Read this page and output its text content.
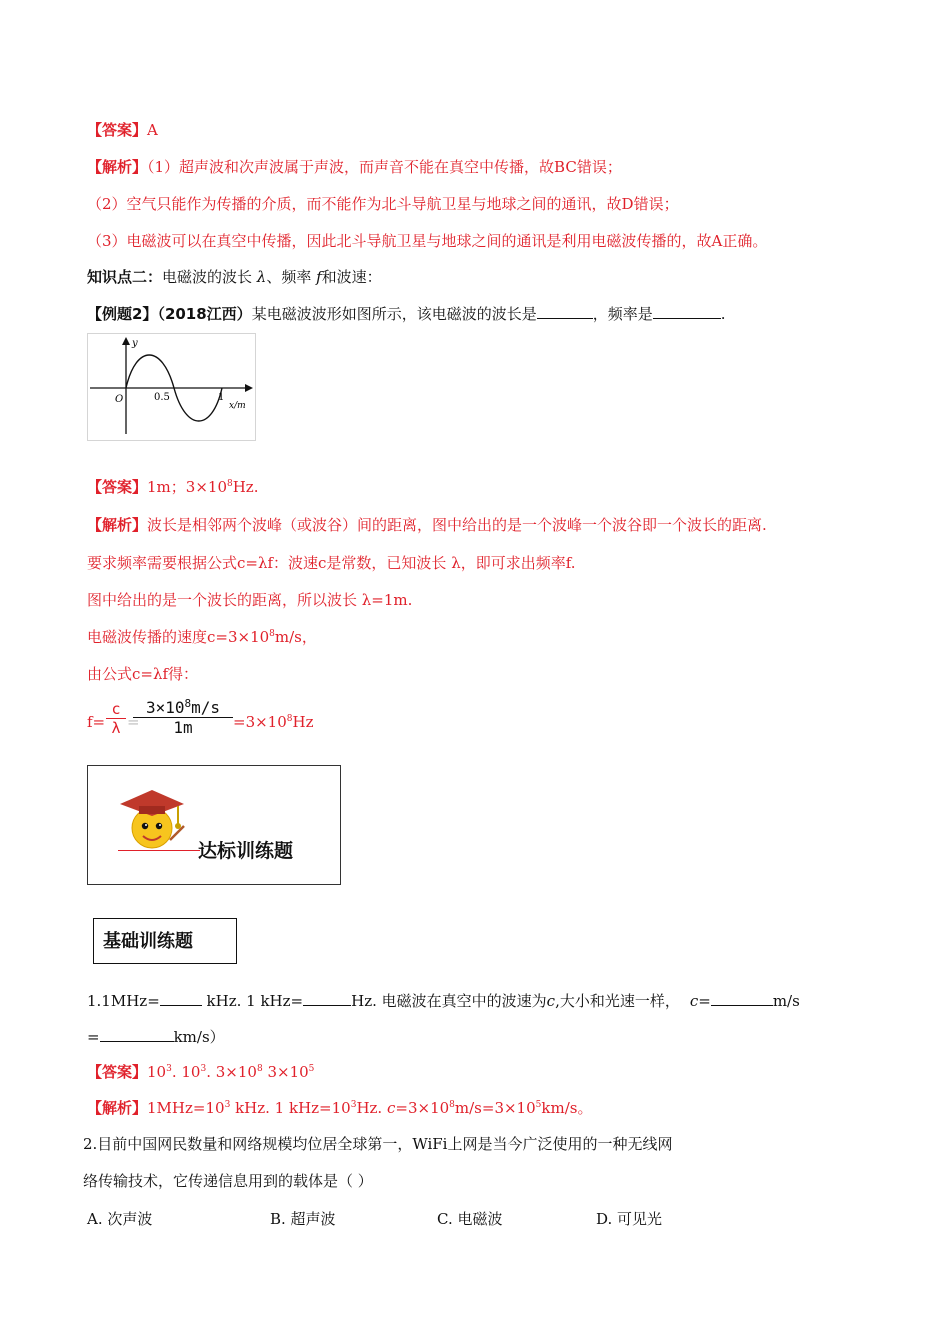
【答案】A
【解析】（1）超声波和次声波属于声波，而声音不能在真空中传播，故BC错误；
（2）空气只能作为传播的介质，而不能作为北斗导航卫星与地球之间的通讯，故D错误；
（3）电磁波可以在真空中传播，因此北斗导航卫星与地球之间的通讯是利用电磁波传播的，故A正确。
知识点二：电磁波的波长 λ、频率 f和波速：
【例题2】（2018江西）某电磁波波形如图所示，该电磁波的波长是	，频率是	.
y
O	0.5	1
x/m
【答案】1m；$3\times 10^8Hz$.
【解析】波长是相邻两个波峰（或波谷）间的距离，图中给出的是一个波峰一个波谷即一个波长的距离.
要求频率需要根据公式c=λf：波速c是常数，已知波长 λ，即可求出频率f.
图中给出的是一个波长的距离，所以波长 λ=1m.
电磁波传播的速度$c=3\times 10^8m/s$，
由公式c=λf得：
$f= \frac{c}{\lambda}$ =
$\frac{3\times 10^8m/s}{1m} =3\times 10^8Hz$
达标训练题
基础训练题
1.1MHz=	kHz. 1 kHz=	Hz. 电磁波在真空中的波速为c,大小和光速一样， c=	m/s
=	km/s）
【答案】$10^3$. $10^3$. $3\times 10^8$ $3\times 10^5$
【解析】$1MHz=10^3$ kHz. 1 $kHz=10^3Hz$. $c=3\times 10^8m/s=3\times 10^5km/s$。
2.目前中国网民数量和网络规模均位居全球第一，WiFi上网是当今广泛使用的一种无线网
络传输技术，它传递信息用到的载体是（ ）
A. 次声波	B. 超声波	C. 电磁波	D. 可见光
